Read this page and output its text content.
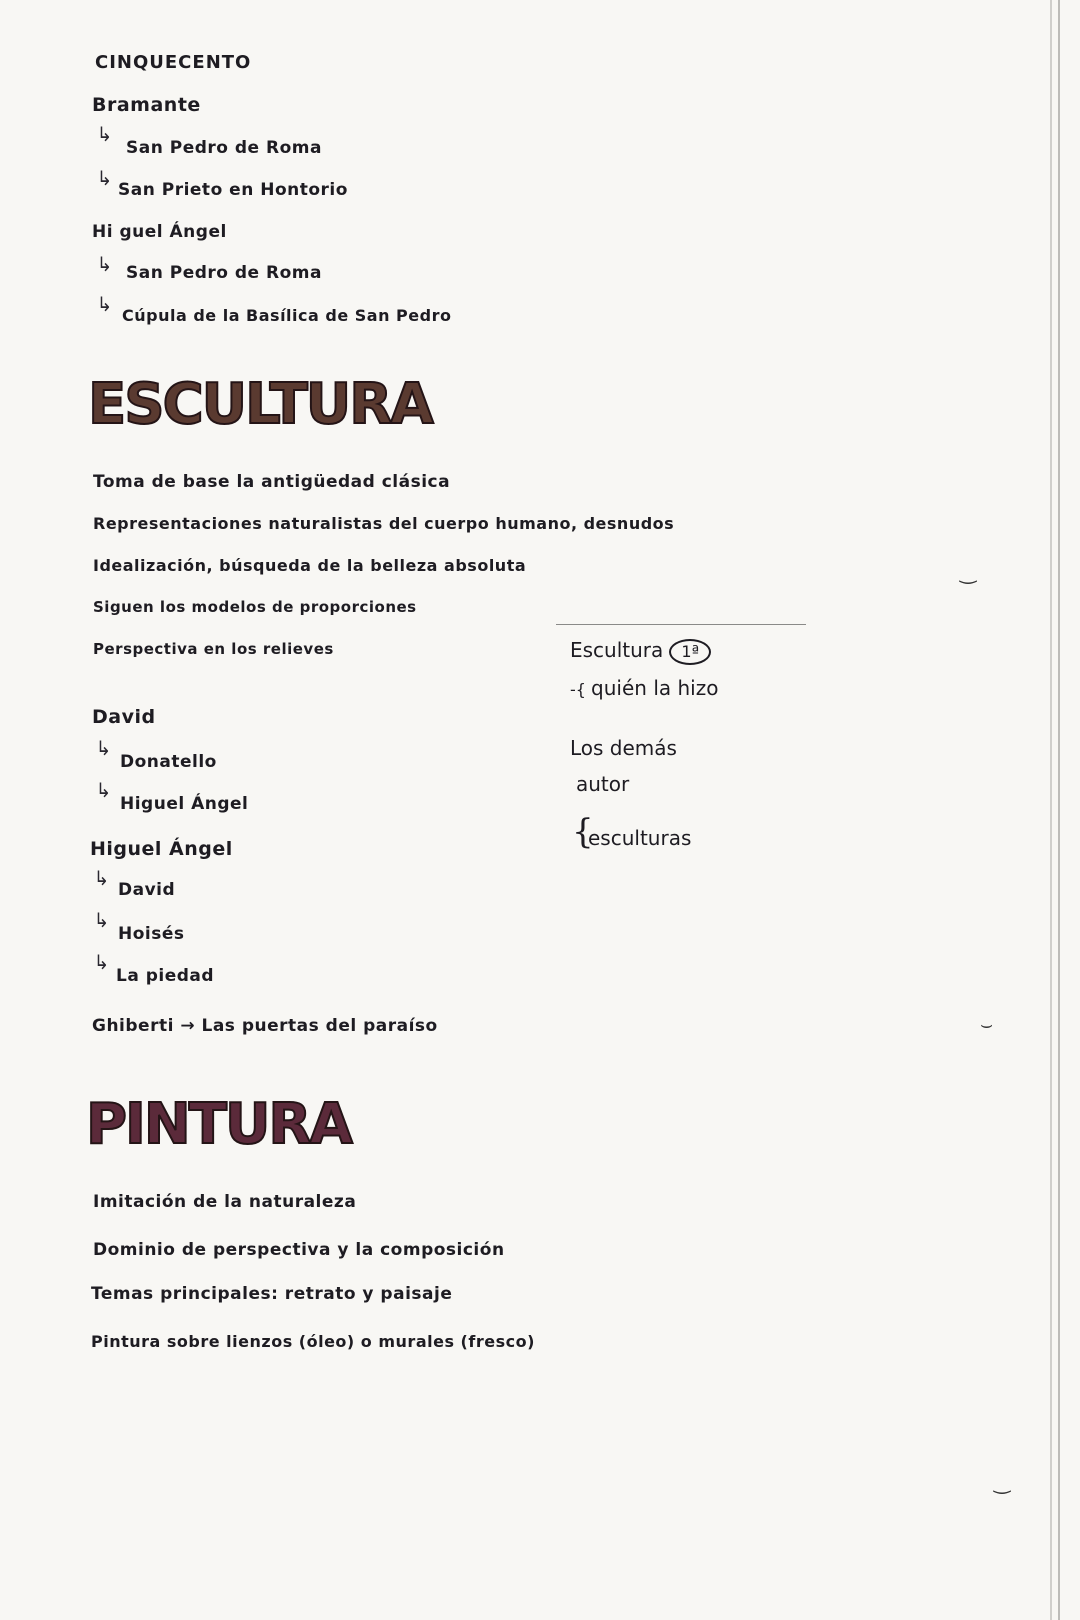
CINQUECENTO
Bramante
↳
San Pedro de Roma
↳ San Prieto en Hontorio
Hi guel Ángel
↳ San Pedro de Roma
↳ Cúpula de la Basílica de San Pedro
ESCULTURA
Toma de base la antigüedad clásica
Representaciones naturalistas del cuerpo humano, desnudos
Idealización, búsqueda de la belleza absoluta
Siguen los modelos de proporciones
Perspectiva en los relieves	Escultura 1ª
-{ quién la hizo
Los demás
autor
{
esculturas
David
↳
Donatello
↳
Higuel Ángel
Higuel Ángel
↳ David
↳
Hoisés
↳
La piedad
Ghiberti → Las puertas del paraíso
PINTURA
Imitación de la naturaleza
Dominio de perspectiva y la composición
Temas principales: retrato y paisaje
Pintura sobre lienzos (óleo) o murales (fresco)
‿
⌣
‿
